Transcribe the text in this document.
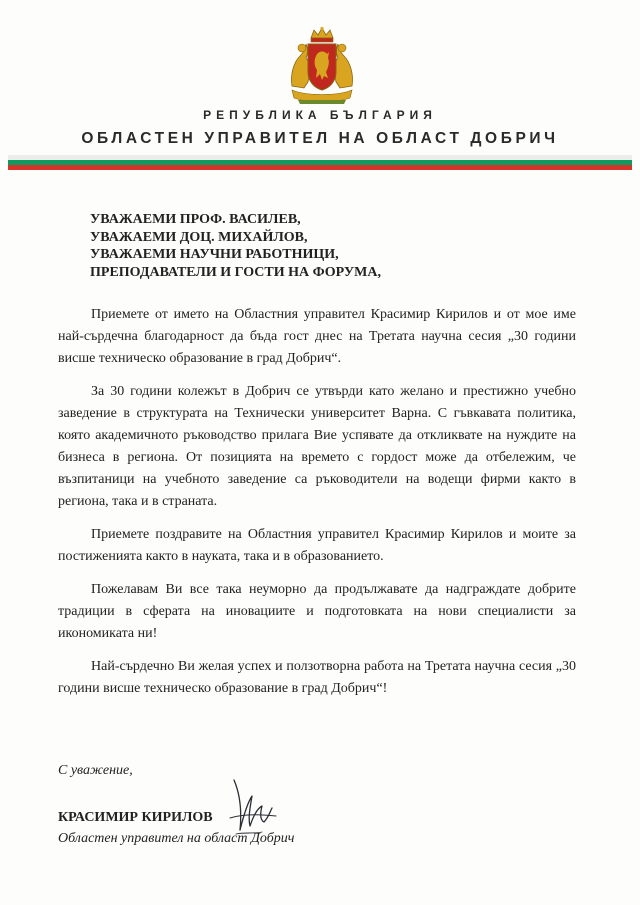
РЕПУБЛИКА БЪЛГАРИЯ
ОБЛАСТЕН УПРАВИТЕЛ НА ОБЛАСТ ДОБРИЧ
УВАЖАЕМИ ПРОФ. ВАСИЛЕВ,
УВАЖАЕМИ ДОЦ. МИХАЙЛОВ,
УВАЖАЕМИ НАУЧНИ РАБОТНИЦИ,
ПРЕПОДАВАТЕЛИ И ГОСТИ НА ФОРУМА,

Приемете от името на Областния управител Красимир Кирилов и от мое име най-сърдечна благодарност да бъда гост днес на Третата научна сесия „30 години висше техническо образование в град Добрич“.

За 30 години колежът в Добрич се утвърди като желано и престижно учебно заведение в структурата на Технически университет Варна. С гъвкавата политика, която академичното ръководство прилага Вие успявате да откликвате на нуждите на бизнеса в региона. От позицията на времето с гордост може да отбележим, че възпитаници на учебното заведение са ръководители на водещи фирми както в региона, така и в страната.

Приемете поздравите на Областния управител Красимир Кирилов и моите за постиженията както в науката, така и в образованието.

Пожелавам Ви все така неуморно да продължавате да надграждате добрите традиции в сферата на иновациите и подготовката на нови специалисти за икономиката ни!

Най-сърдечно Ви желая успех и ползотворна работа на Третата научна сесия „30 години висше техническо образование в град Добрич“!

С уважение,
КРАСИМИР КИРИЛОВ
Областен управител на област Добрич
